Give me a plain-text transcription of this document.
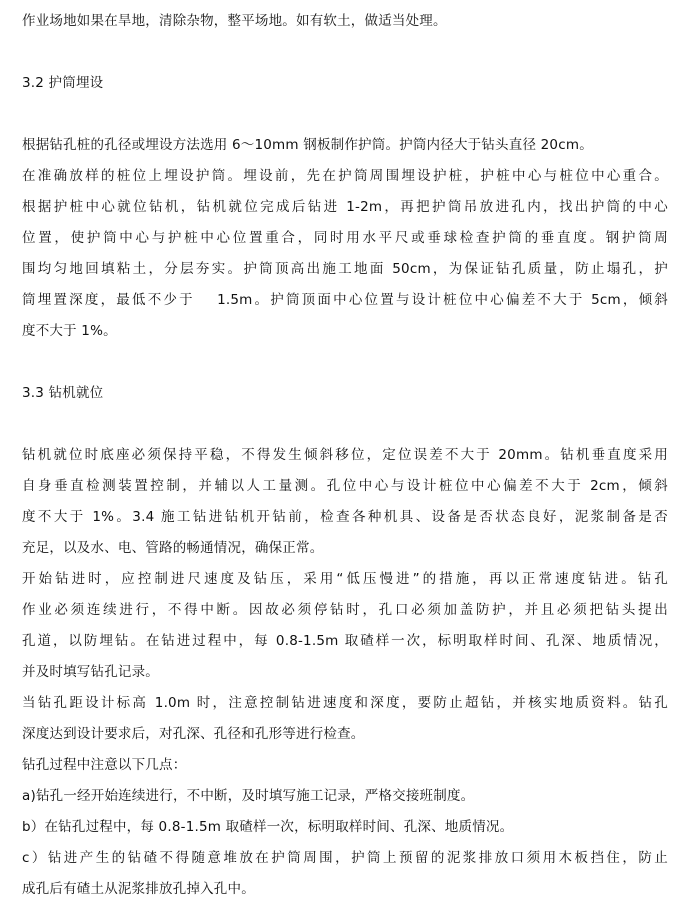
作业场地如果在旱地，清除杂物，整平场地。如有软土，做适当处理。
3.2 护筒埋设
根据钻孔桩的孔径或埋设方法选用 6～10mm 钢板制作护筒。护筒内径大于钻头直径 20cm。
在准确放样的桩位上埋设护筒。埋设前，先在护筒周围埋设护桩，护桩中心与桩位中心重合。
根据护桩中心就位钻机，钻机就位完成后钻进 1-2m，再把护筒吊放进孔内，找出护筒的中心
位置，使护筒中心与护桩中心位置重合，同时用水平尺或垂球检查护筒的垂直度。钢护筒周
围均匀地回填粘土，分层夯实。护筒顶高出施工地面 50cm，为保证钻孔质量，防止塌孔，护
筒埋置深度，最低不少于　 1.5m。护筒顶面中心位置与设计桩位中心偏差不大于 5cm，倾斜
度不大于 1%。
3.3 钻机就位
钻机就位时底座必须保持平稳，不得发生倾斜移位，定位误差不大于 20mm。钻机垂直度采用
自身垂直检测装置控制，并辅以人工量测。孔位中心与设计桩位中心偏差不大于 2cm，倾斜
度不大于 1%。3.4 施工钻进钻机开钻前，检查各种机具、设备是否状态良好，泥浆制备是否
充足，以及水、电、管路的畅通情况，确保正常。
开始钻进时，应控制进尺速度及钻压，采用“低压慢进”的措施，再以正常速度钻进。钻孔
作业必须连续进行，不得中断。因故必须停钻时，孔口必须加盖防护，并且必须把钻头提出
孔道，以防埋钻。在钻进过程中，每 0.8-1.5m 取碴样一次，标明取样时间、孔深、地质情况，
并及时填写钻孔记录。
当钻孔距设计标高 1.0m 时，注意控制钻进速度和深度，要防止超钻，并核实地质资料。钻孔
深度达到设计要求后，对孔深、孔径和孔形等进行检查。
钻孔过程中注意以下几点：
a)钻孔一经开始连续进行，不中断，及时填写施工记录，严格交接班制度。
b）在钻孔过程中，每 0.8-1.5m 取碴样一次，标明取样时间、孔深、地质情况。
c）钻进产生的钻碴不得随意堆放在护筒周围，护筒上预留的泥浆排放口须用木板挡住，防止
成孔后有碴土从泥浆排放孔掉入孔中。
